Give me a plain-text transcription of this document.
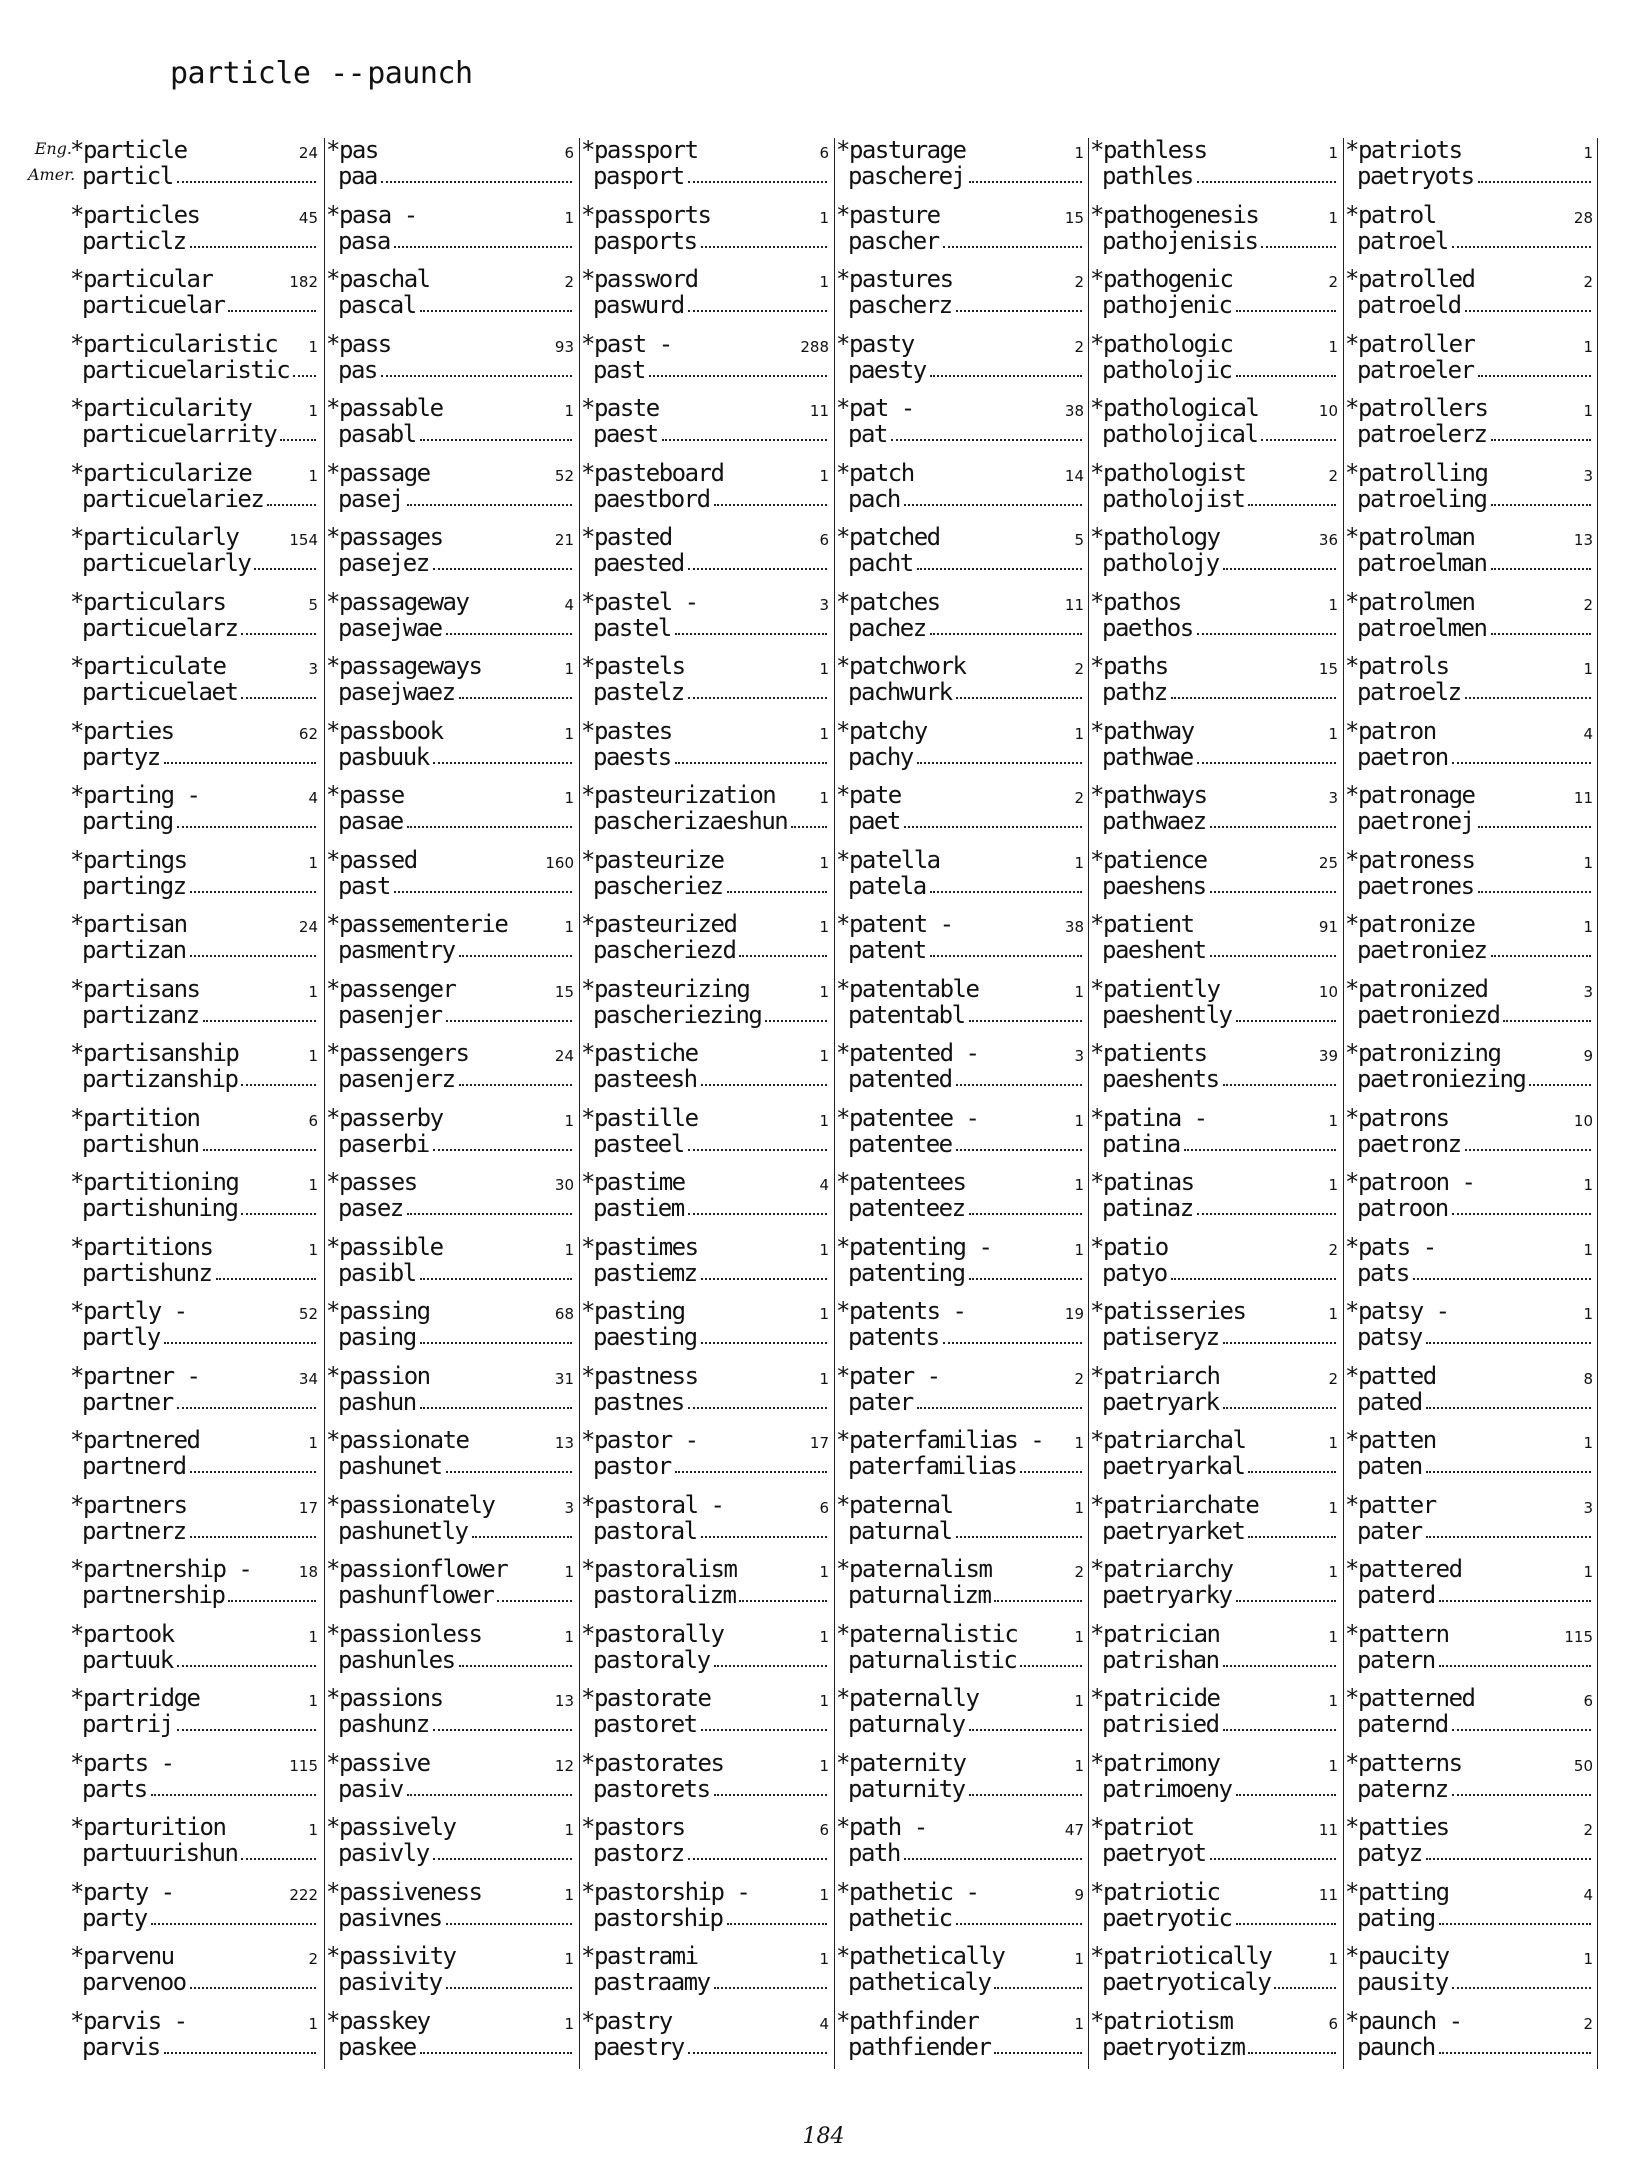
particle --paunch
Eng.
Amer.
*particle	24
particl
*particles	45
particlz
*particular	182
particuelar
*particularistic 1
particuelaristic
*particularity	1
particuelarrity
*particularize	1
particuelariez
*particularly	154
particuelarly
*particulars	5
particuelarz
*particulate	3
particuelaet
*parties	62
partyz
*parting -	4
parting
*partings	1
partingz
*partisan	24
partizan
*partisans	1
partizanz
*partisanship	1
partizanship
*partition	6
partishun
*partitioning	1
partishuning
*partitions	1
partishunz
*partly -	52
partly
*partner -	34
partner
*partnered	1
partnerd
*partners	17
partnerz
*partnership -	18
partnership
*partook	1
partuuk
*partridge	1
partrij
*parts -	115
parts
*parturition	1
partuurishun
*party -	222
party
*parvenu	2
parvenoo
*parvis -	1
parvis
*pas	6
paa
*pasa -	1
pasa
*paschal	2
pascal
*pass	93
pas
*passable	1
pasabl
*passage	52
pasej
*passages	21
pasejez
*passageway	4
pasejwae
*passageways	1
pasejwaez
*passbook	1
pasbuuk
*passe	1
pasae
*passed	160
past
*passementerie	1
pasmentry
*passenger	15
pasenjer
*passengers	24
pasenjerz
*passerby	1
paserbi
*passes	30
pasez
*passible	1
pasibl
*passing	68
pasing
*passion	31
pashun
*passionate	13
pashunet
*passionately	3
pashunetly
*passionflower	1
pashunflower
*passionless	1
pashunles
*passions	13
pashunz
*passive	12
pasiv
*passively	1
pasivly
*passiveness	1
pasivnes
*passivity	1
pasivity
*passkey	1
paskee
*passport	6
pasport
*passports	1
pasports
*password	1
paswurd
*past -	288
past
*paste	11
paest
*pasteboard	1
paestbord
*pasted	6
paested
*pastel -	3
pastel
*pastels	1
pastelz
*pastes	1
paests
*pasteurization	1
pascherizaeshun
*pasteurize	1
pascheriez
*pasteurized	1
pascheriezd
*pasteurizing	1
pascheriezing
*pastiche	1
pasteesh
*pastille	1
pasteel
*pastime	4
pastiem
*pastimes	1
pastiemz
*pasting	1
paesting
*pastness	1
pastnes
*pastor -	17
pastor
*pastoral -	6
pastoral
*pastoralism	1
pastoralizm
*pastorally	1
pastoraly
*pastorate	1
pastoret
*pastorates	1
pastorets
*pastors	6
pastorz
*pastorship -	1
pastorship
*pastrami	1
pastraamy
*pastry	4
paestry
*pasturage	1
pascherej
*pasture	15
pascher
*pastures	2
pascherz
*pasty	2
paesty
*pat -	38
pat
*patch	14
pach
*patched	5
pacht
*patches	11
pachez
*patchwork	2
pachwurk
*patchy	1
pachy
*pate	2
paet
*patella	1
patela
*patent -	38
patent
*patentable	1
patentabl
*patented -	3
patented
*patentee -	1
patentee
*patentees	1
patenteez
*patenting -	1
patenting
*patents -	19
patents
*pater -	2
pater
*paterfamilias - 1
paterfamilias
*paternal	1
paturnal
*paternalism	2
paturnalizm
*paternalistic	1
paturnalistic
*paternally	1
paturnaly
*paternity	1
paturnity
*path -	47
path
*pathetic -	9
pathetic
*pathetically	1
patheticaly
*pathfinder	1
pathfiender
*pathless	1
pathles
*pathogenesis	1
pathojenisis
*pathogenic	2
pathojenic
*pathologic	1
patholojic
*pathological	10
patholojical
*pathologist	2
patholojist
*pathology	36
patholojy
*pathos	1
paethos
*paths	15
pathz
*pathway	1
pathwae
*pathways	3
pathwaez
*patience	25
paeshens
*patient	91
paeshent
*patiently	10
paeshently
*patients	39
paeshents
*patina -	1
patina
*patinas	1
patinaz
*patio	2
patyo
*patisseries	1
patiseryz
*patriarch	2
paetryark
*patriarchal	1
paetryarkal
*patriarchate	1
paetryarket
*patriarchy	1
paetryarky
*patrician	1
patrishan
*patricide	1
patrisied
*patrimony	1
patrimoeny
*patriot	11
paetryot
*patriotic	11
paetryotic
*patriotically	1
paetryoticaly
*patriotism	6
paetryotizm
*patriots	1
paetryots
*patrol	28
patroel
*patrolled	2
patroeld
*patroller	1
patroeler
*patrollers	1
patroelerz
*patrolling	3
patroeling
*patrolman	13
patroelman
*patrolmen	2
patroelmen
*patrols	1
patroelz
*patron	4
paetron
*patronage	11
paetronej
*patroness	1
paetrones
*patronize	1
paetroniez
*patronized	3
paetroniezd
*patronizing	9
paetroniezing
*patrons	10
paetronz
*patroon -	1
patroon
*pats -	1
pats
*patsy -	1
patsy
*patted	8
pated
*patten	1
paten
*patter	3
pater
*pattered	1
paterd
*pattern	115
patern
*patterned	6
paternd
*patterns	50
paternz
*patties	2
patyz
*patting	4
pating
*paucity	1
pausity
*paunch -	2
paunch
184
